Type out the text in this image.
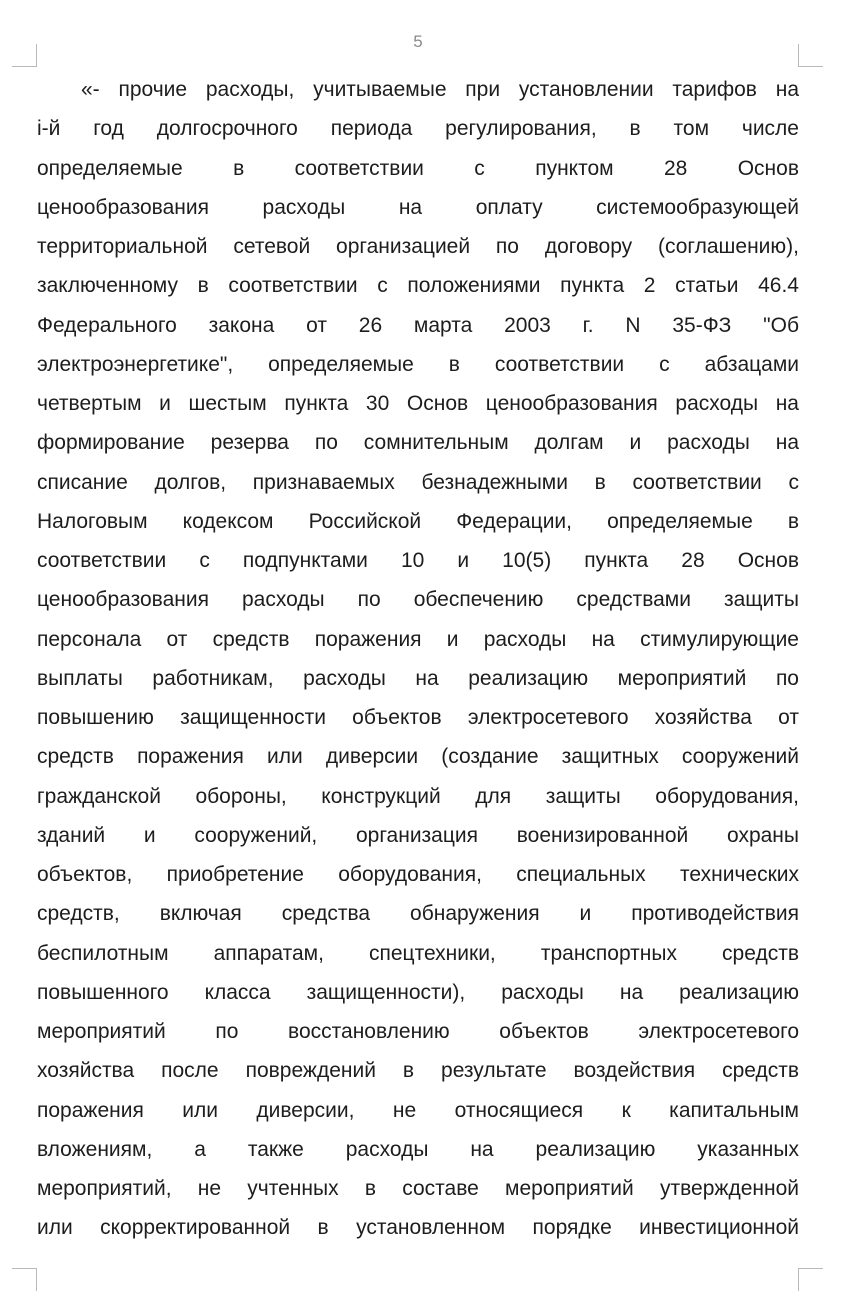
5
«- прочие расходы, учитываемые при установлении тарифов на
i-й год долгосрочного периода регулирования, в том числе
определяемые в соответствии с пунктом 28 Основ
ценообразования расходы на оплату системообразующей
территориальной сетевой организацией по договору (соглашению),
заключенному в соответствии с положениями пункта 2 статьи 46.4
Федерального закона от 26 марта 2003 г. N 35-ФЗ "Об
электроэнергетике", определяемые в соответствии с абзацами
четвертым и шестым пункта 30 Основ ценообразования расходы на
формирование резерва по сомнительным долгам и расходы на
списание долгов, признаваемых безнадежными в соответствии с
Налоговым кодексом Российской Федерации, определяемые в
соответствии с подпунктами 10 и 10(5) пункта 28 Основ
ценообразования расходы по обеспечению средствами защиты
персонала от средств поражения и расходы на стимулирующие
выплаты работникам, расходы на реализацию мероприятий по
повышению защищенности объектов электросетевого хозяйства от
средств поражения или диверсии (создание защитных сооружений
гражданской обороны, конструкций для защиты оборудования,
зданий и сооружений, организация военизированной охраны
объектов, приобретение оборудования, специальных технических
средств, включая средства обнаружения и противодействия
беспилотным аппаратам, спецтехники, транспортных средств
повышенного класса защищенности), расходы на реализацию
мероприятий по восстановлению объектов электросетевого
хозяйства после повреждений в результате воздействия средств
поражения или диверсии, не относящиеся к капитальным
вложениям, а также расходы на реализацию указанных
мероприятий, не учтенных в составе мероприятий утвержденной
или скорректированной в установленном порядке инвестиционной
